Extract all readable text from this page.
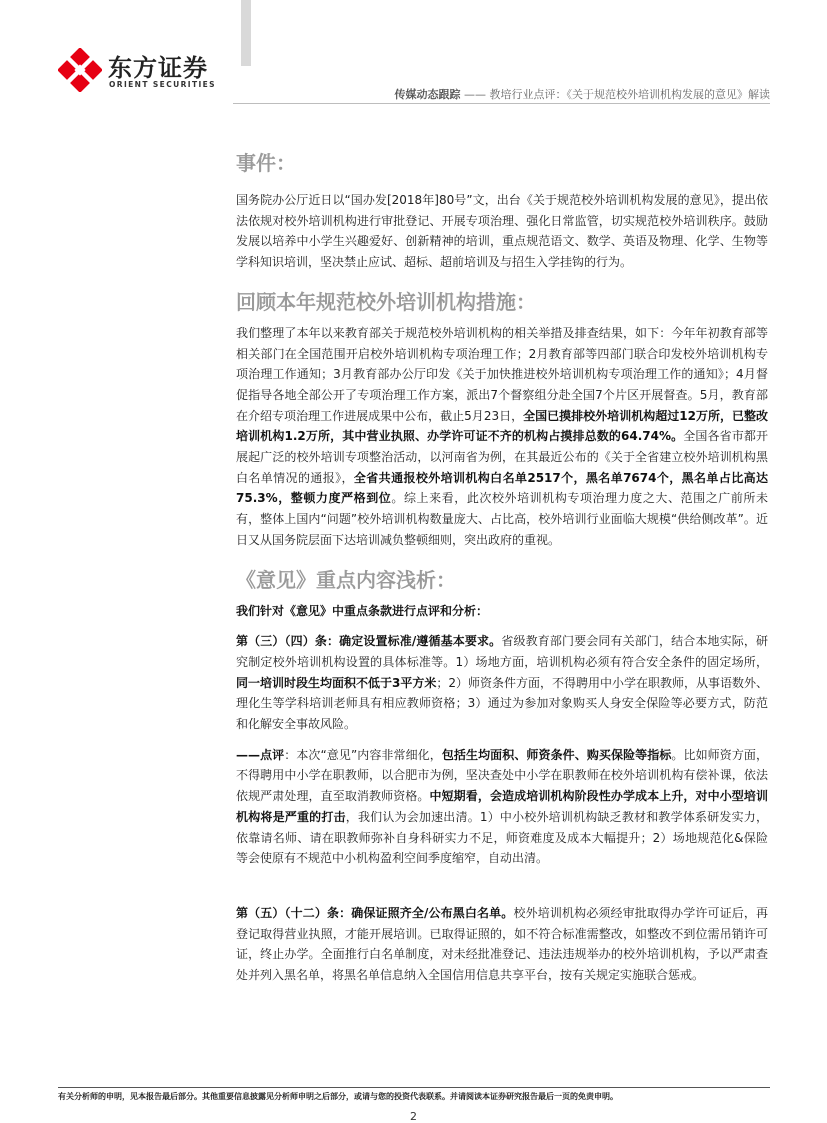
东方证券
ORIENT SECURITIES
传媒动态跟踪 —— 教培行业点评：《关于规范校外培训机构发展的意见》解读
事件：

国务院办公厅近日以“国办发[2018年]80号”文，出台《关于规范校外培训机构发展的意见》，提出依法依规对校外培训机构进行审批登记、开展专项治理、强化日常监管，切实规范校外培训秩序。鼓励发展以培养中小学生兴趣爱好、创新精神的培训，重点规范语文、数学、英语及物理、化学、生物等学科知识培训，坚决禁止应试、超标、超前培训及与招生入学挂钩的行为。

回顾本年规范校外培训机构措施：

我们整理了本年以来教育部关于规范校外培训机构的相关举措及排查结果，如下：今年年初教育部等相关部门在全国范围开启校外培训机构专项治理工作；2月教育部等四部门联合印发校外培训机构专项治理工作通知；3月教育部办公厅印发《关于加快推进校外培训机构专项治理工作的通知》；4月督促指导各地全部公开了专项治理工作方案，派出7个督察组分赴全国7个片区开展督查。5月，教育部在介绍专项治理工作进展成果中公布，截止5月23日，全国已摸排校外培训机构超过12万所，已整改培训机构1.2万所，其中营业执照、办学许可证不齐的机构占摸排总数的64.74%。全国各省市都开展起广泛的校外培训专项整治活动，以河南省为例，在其最近公布的《关于全省建立校外培训机构黑白名单情况的通报》，全省共通报校外培训机构白名单2517个，黑名单7674个，黑名单占比高达75.3%，整顿力度严格到位。综上来看，此次校外培训机构专项治理力度之大、范围之广前所未有，整体上国内“问题”校外培训机构数量庞大、占比高，校外培训行业面临大规模“供给侧改革”。近日又从国务院层面下达培训减负整顿细则，突出政府的重视。

《意见》重点内容浅析：

我们针对《意见》中重点条款进行点评和分析：

第（三）（四）条：确定设置标准/遵循基本要求。省级教育部门要会同有关部门，结合本地实际，研究制定校外培训机构设置的具体标准等。1）场地方面，培训机构必须有符合安全条件的固定场所，同一培训时段生均面积不低于3平方米；2）师资条件方面，不得聘用中小学在职教师，从事语数外、理化生等学科培训老师具有相应教师资格；3）通过为参加对象购买人身安全保险等必要方式，防范和化解安全事故风险。

——点评：本次“意见”内容非常细化，包括生均面积、师资条件、购买保险等指标。比如师资方面，不得聘用中小学在职教师，以合肥市为例，坚决查处中小学在职教师在校外培训机构有偿补课，依法依规严肃处理，直至取消教师资格。中短期看，会造成培训机构阶段性办学成本上升，对中小型培训机构将是严重的打击，我们认为会加速出清。1）中小校外培训机构缺乏教材和教学体系研发实力，依靠请名师、请在职教师弥补自身科研实力不足，师资难度及成本大幅提升；2）场地规范化&保险等会使原有不规范中小机构盈利空间季度缩窄，自动出清。

第（五）（十二）条：确保证照齐全/公布黑白名单。校外培训机构必须经审批取得办学许可证后，再登记取得营业执照，才能开展培训。已取得证照的，如不符合标准需整改，如整改不到位需吊销许可证，终止办学。全面推行白名单制度，对未经批准登记、违法违规举办的校外培训机构，予以严肃查处并列入黑名单，将黑名单信息纳入全国信用信息共享平台，按有关规定实施联合惩戒。

有关分析师的申明，见本报告最后部分。其他重要信息披露见分析师申明之后部分，或请与您的投资代表联系。并请阅读本证券研究报告最后一页的免责申明。
2
